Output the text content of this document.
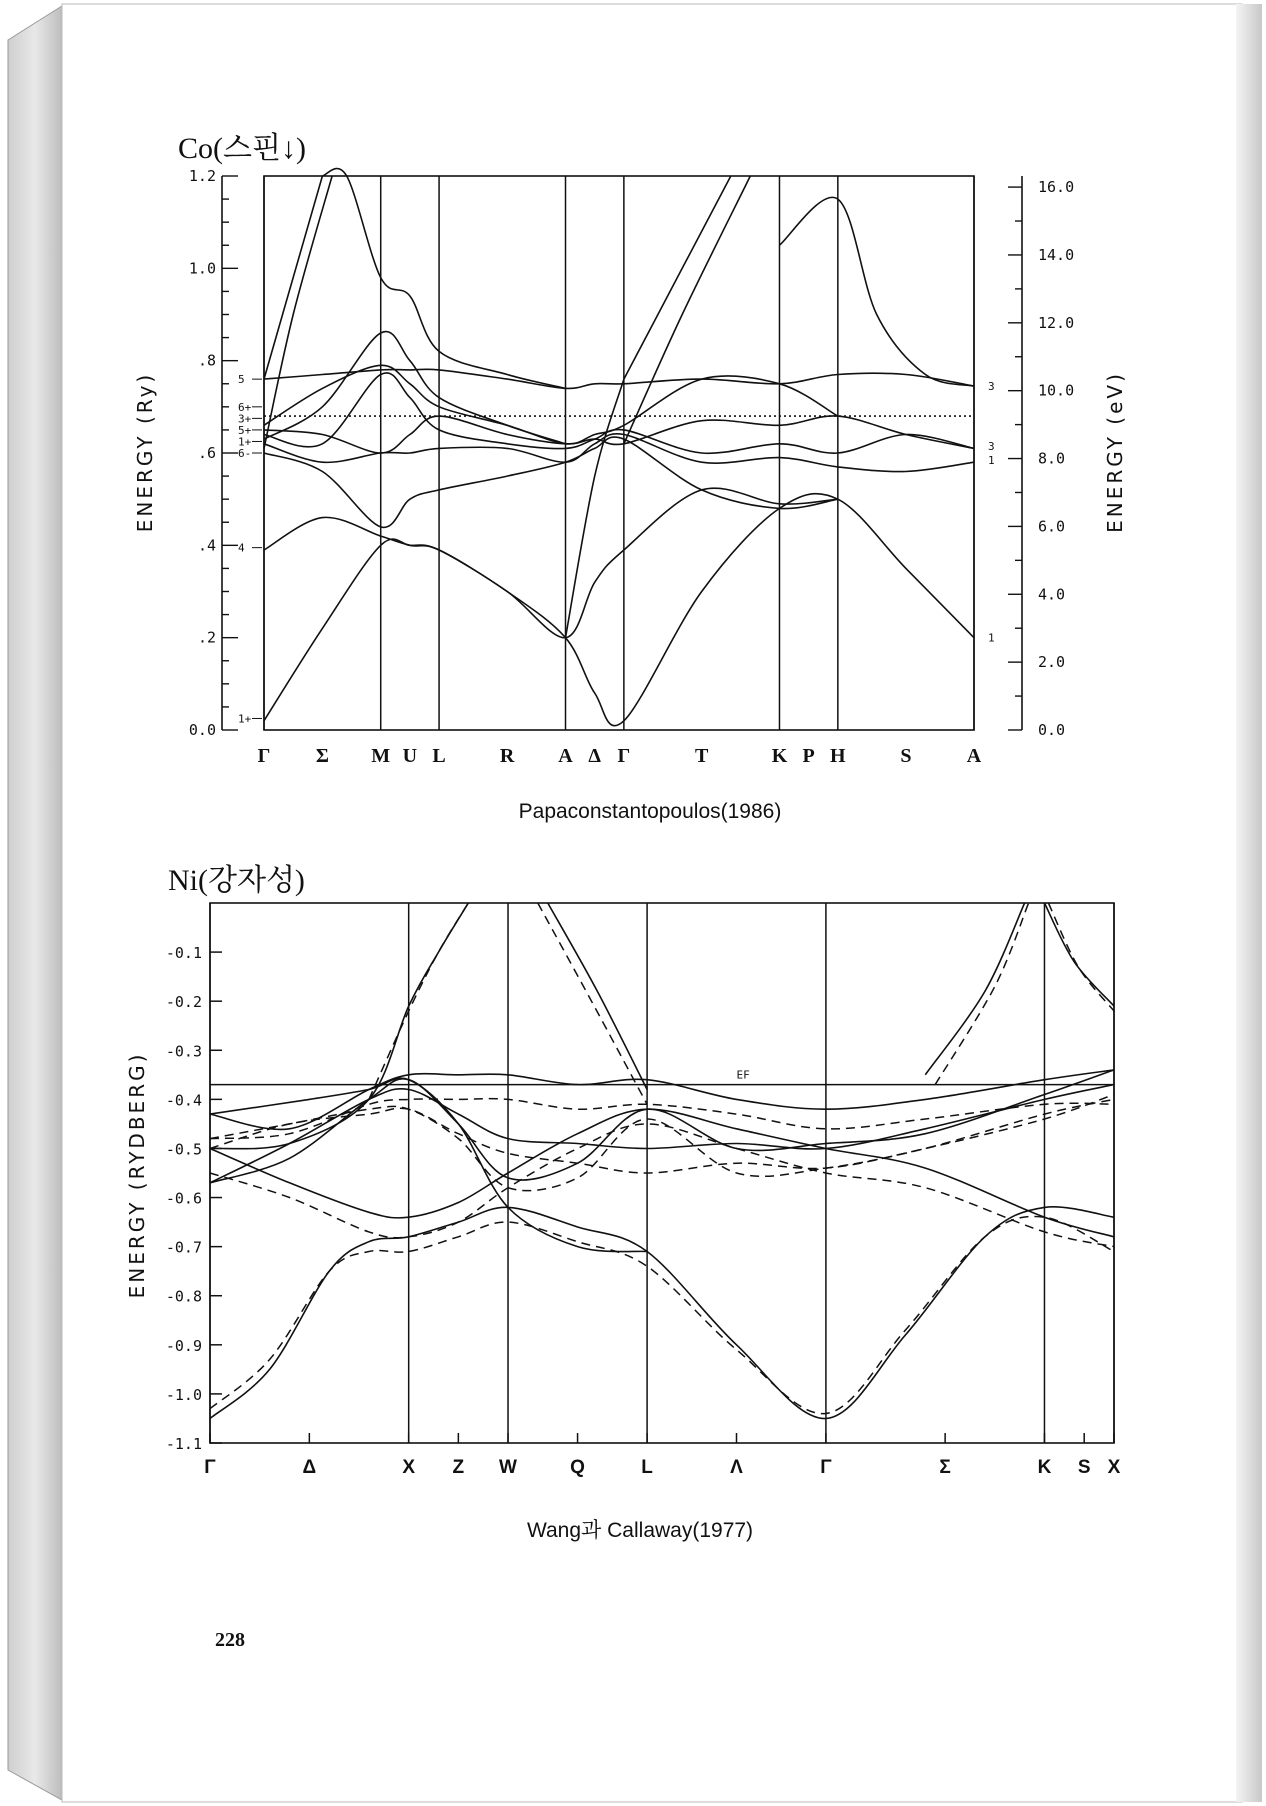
Co(스핀↓)
0.0
.2
.4
.6
.8
1.0
1.2
0.0
2.0
4.0
6.0
8.0
10.0
12.0
14.0
16.0
5
6+
3+
5+
1+
6-
4
1+
3
3
1
1
Γ Σ M U L	R A Δ Γ	T	K P H	S	A
ENERGY (Ry)	ENERGY (eV)
Papaconstantopoulos(1986)
Ni(강자성)
EF
-0.1
-0.2
-0.3
-0.4
-0.5
-0.6
-0.7
-0.8
-0.9
-1.0
-1.1
Γ	Δ	X Z W	Q	L	Λ	Γ	Σ	K S X
ENERGY (RYDBERG)
Wang과 Callaway(1977)
228
